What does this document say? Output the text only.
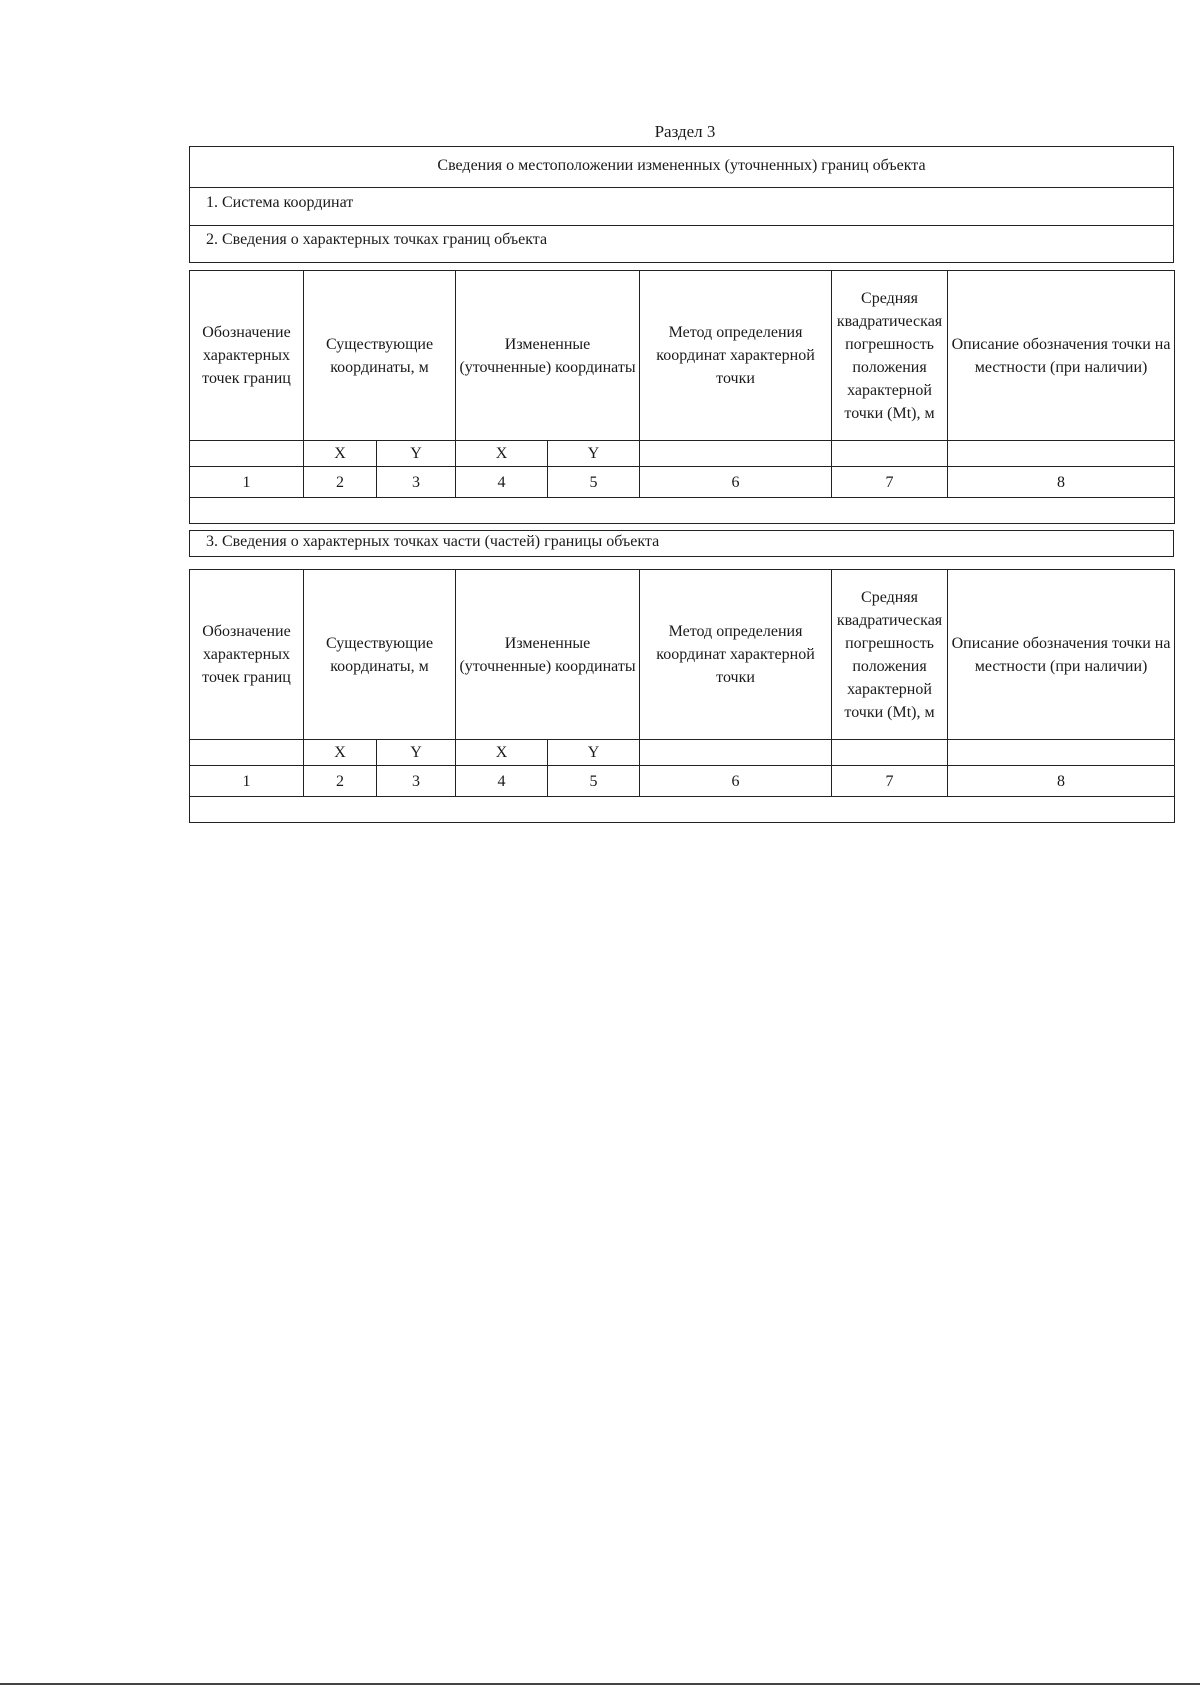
Раздел 3
Сведения о местоположении измененных (уточненных) границ объекта
1. Система координат
2. Сведения о характерных точках границ объекта
Обозначение характерных точек границ	Существующие координаты, м		Измененные (уточненные) координаты		Метод определения координат характерной точки	Средняя квадратическая погрешность положения характерной точки (Mt), м	Описание обозначения точки на местности (при наличии)
	X	Y	X	Y			
1	2	3	4	5	6	7	8

3. Сведения о характерных точках части (частей) границы объекта
Обозначение характерных точек границ	Существующие координаты, м		Измененные (уточненные) координаты		Метод определения координат характерной точки	Средняя квадратическая погрешность положения характерной точки (Mt), м	Описание обозначения точки на местности (при наличии)
	X	Y	X	Y			
1	2	3	4	5	6	7	8
